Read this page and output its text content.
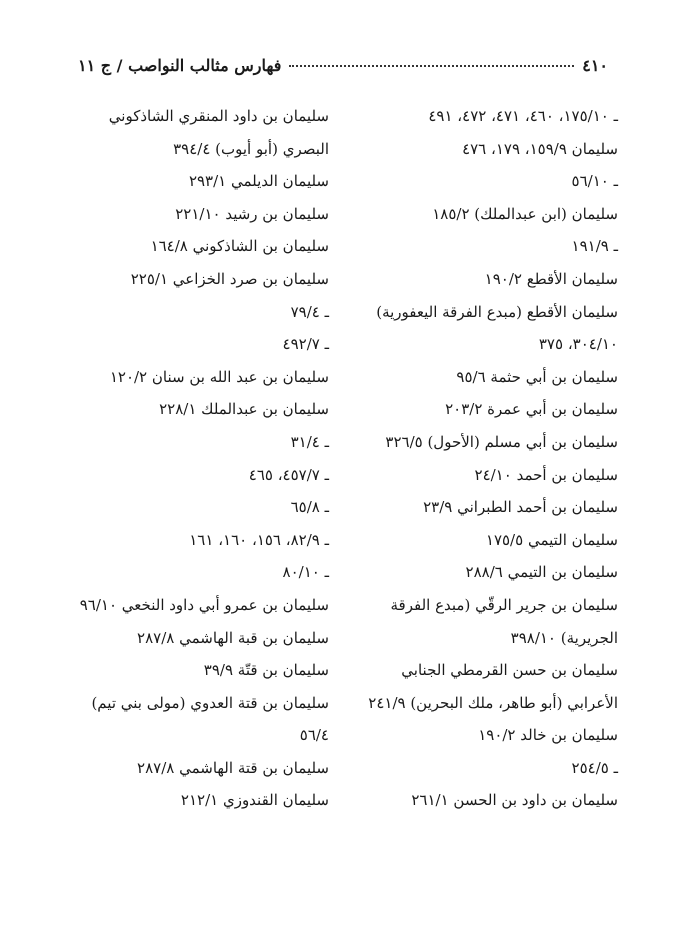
٤١٠
فهارس مثالب النواصب / ج ١١
ـ ١٧٥/١٠، ٤٦٠، ٤٧١، ٤٧٢، ٤٩١
سليمان ١٥٩/٩، ١٧٩، ٤٧٦
ـ ٥٦/١٠
سليمان (ابن عبدالملك) ١٨٥/٢
ـ ١٩١/٩
سليمان الأقطع ١٩٠/٢
سليمان الأقطع (مبدع الفرقة اليعفورية)
٣٠٤/١٠، ٣٧٥
سليمان بن أبي حثمة ٩٥/٦
سليمان بن أبي عمرة ٢٠٣/٢
سليمان بن أبي مسلم (الأحول) ٣٢٦/٥
سليمان بن أحمد ٢٤/١٠
سليمان بن أحمد الطبراني ٢٣/٩
سليمان التيمي ١٧٥/٥
سليمان بن التيمي ٢٨٨/٦
سليمان بن جرير الرقّي (مبدع الفرقة
الجريرية) ٣٩٨/١٠
سليمان بن حسن القرمطي الجنابي
الأعرابي (أبو طاهر، ملك البحرين) ٢٤١/٩
سليمان بن خالد ١٩٠/٢
ـ ٢٥٤/٥
سليمان بن داود بن الحسن ٢٦١/١
سليمان بن داود المنقري الشاذكوني
البصري (أبو أيوب) ٣٩٤/٤
سليمان الديلمي ٢٩٣/١
سليمان بن رشيد ٢٢١/١٠
سليمان بن الشاذكوني ١٦٤/٨
سليمان بن صرد الخزاعي ٢٢٥/١
ـ ٧٩/٤
ـ ٤٩٢/٧
سليمان بن عبد الله بن سنان ١٢٠/٢
سليمان بن عبدالملك ٢٢٨/١
ـ ٣١/٤
ـ ٤٥٧/٧، ٤٦٥
ـ ٦٥/٨
ـ ٨٢/٩، ١٥٦، ١٦٠، ١٦١
ـ ٨٠/١٠
سليمان بن عمرو أبي داود النخعي ٩٦/١٠
سليمان بن قبة الهاشمي ٢٨٧/٨
سليمان بن قتّة ٣٩/٩
سليمان بن قتة العدوي (مولى بني تيم)
٥٦/٤
سليمان بن قتة الهاشمي ٢٨٧/٨
سليمان القندوزي ٢١٢/١
